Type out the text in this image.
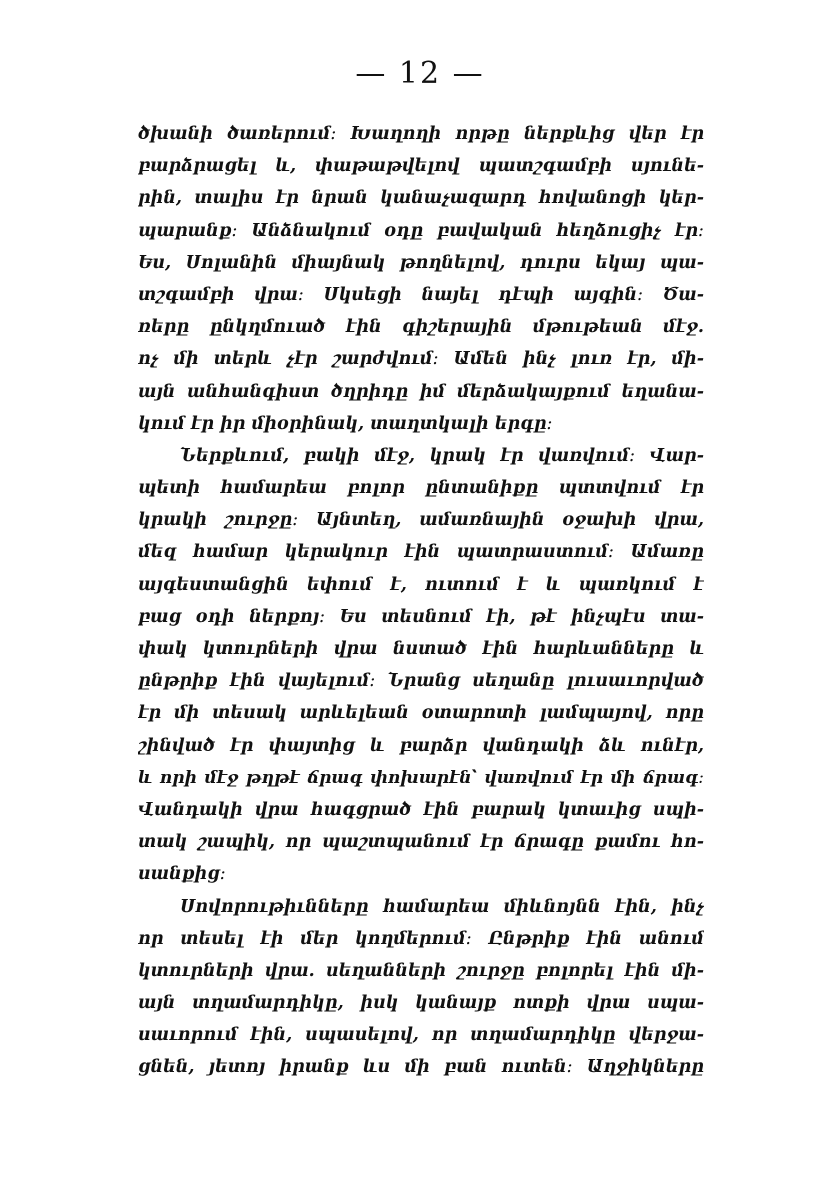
— 12 —
ծխանի ծառերում։ Խաղողի որթը ներքևից վեր էր
բարձրացել և, փաթաթվելով պատշգամբի սյունե-
րին, տալիս էր նրան կանաչազարդ հովանոցի կեր-
պարանք։ Անձնակում օդը բավական հեղձուցիչ էր։
Ես, Սոլանին միայնակ թողնելով, դուրս եկայ պա-
տշգամբի վրա։ Սկսեցի նայել դէպի այգին։ Ծա-
ռերը ընկղմուած էին գիշերային մթութեան մէջ.
ոչ մի տերև չէր շարժվում։ Ամեն ինչ լուռ էր, մի-
այն անհանգիստ ծղրիդը իմ մերձակայքում եղանա-
կում էր իր միօրինակ, տաղտկալի երգը։
Ներքևում, բակի մէջ, կրակ էր վառվում։ Վար-
պետի համարեա բոլոր ընտանիքը պտտվում էր
կրակի շուրջը։ Այնտեղ, ամառնային օջախի վրա,
մեզ համար կերակուր էին պատրաստում։ Ամառը
այգեստանցին եփում է, ուտում է և պառկում է
բաց օդի ներքոյ։ Ես տեսնում էի, թէ ինչպէս տա-
փակ կտուրների վրա նստած էին հարևանները և
ընթրիք էին վայելում։ Նրանց սեղանը լուսաւորված
էր մի տեսակ արևելեան օտարոտի լամպայով, որը
շինված էր փայտից և բարձր վանդակի ձև ունէր,
և որի մէջ թղթէ ճրագ փոխարէն՝ վառվում էր մի ճրագ։
Վանդակի վրա հագցրած էին բարակ կտաւից սպի-
տակ շապիկ, որ պաշտպանում էր ճրագը քամու հո-
սանքից։
Սովորութիւնները համարեա միևնոյնն էին, ինչ
որ տեսել էի մեր կողմերում։ Ընթրիք էին անում
կտուրների վրա. սեղանների շուրջը բոլորել էին մի-
այն տղամարդիկը, իսկ կանայք ոտքի վրա սպա-
սաւորում էին, սպասելով, որ տղամարդիկը վերջա-
ցնեն, յետոյ իրանք ևս մի բան ուտեն։ Աղջիկները
